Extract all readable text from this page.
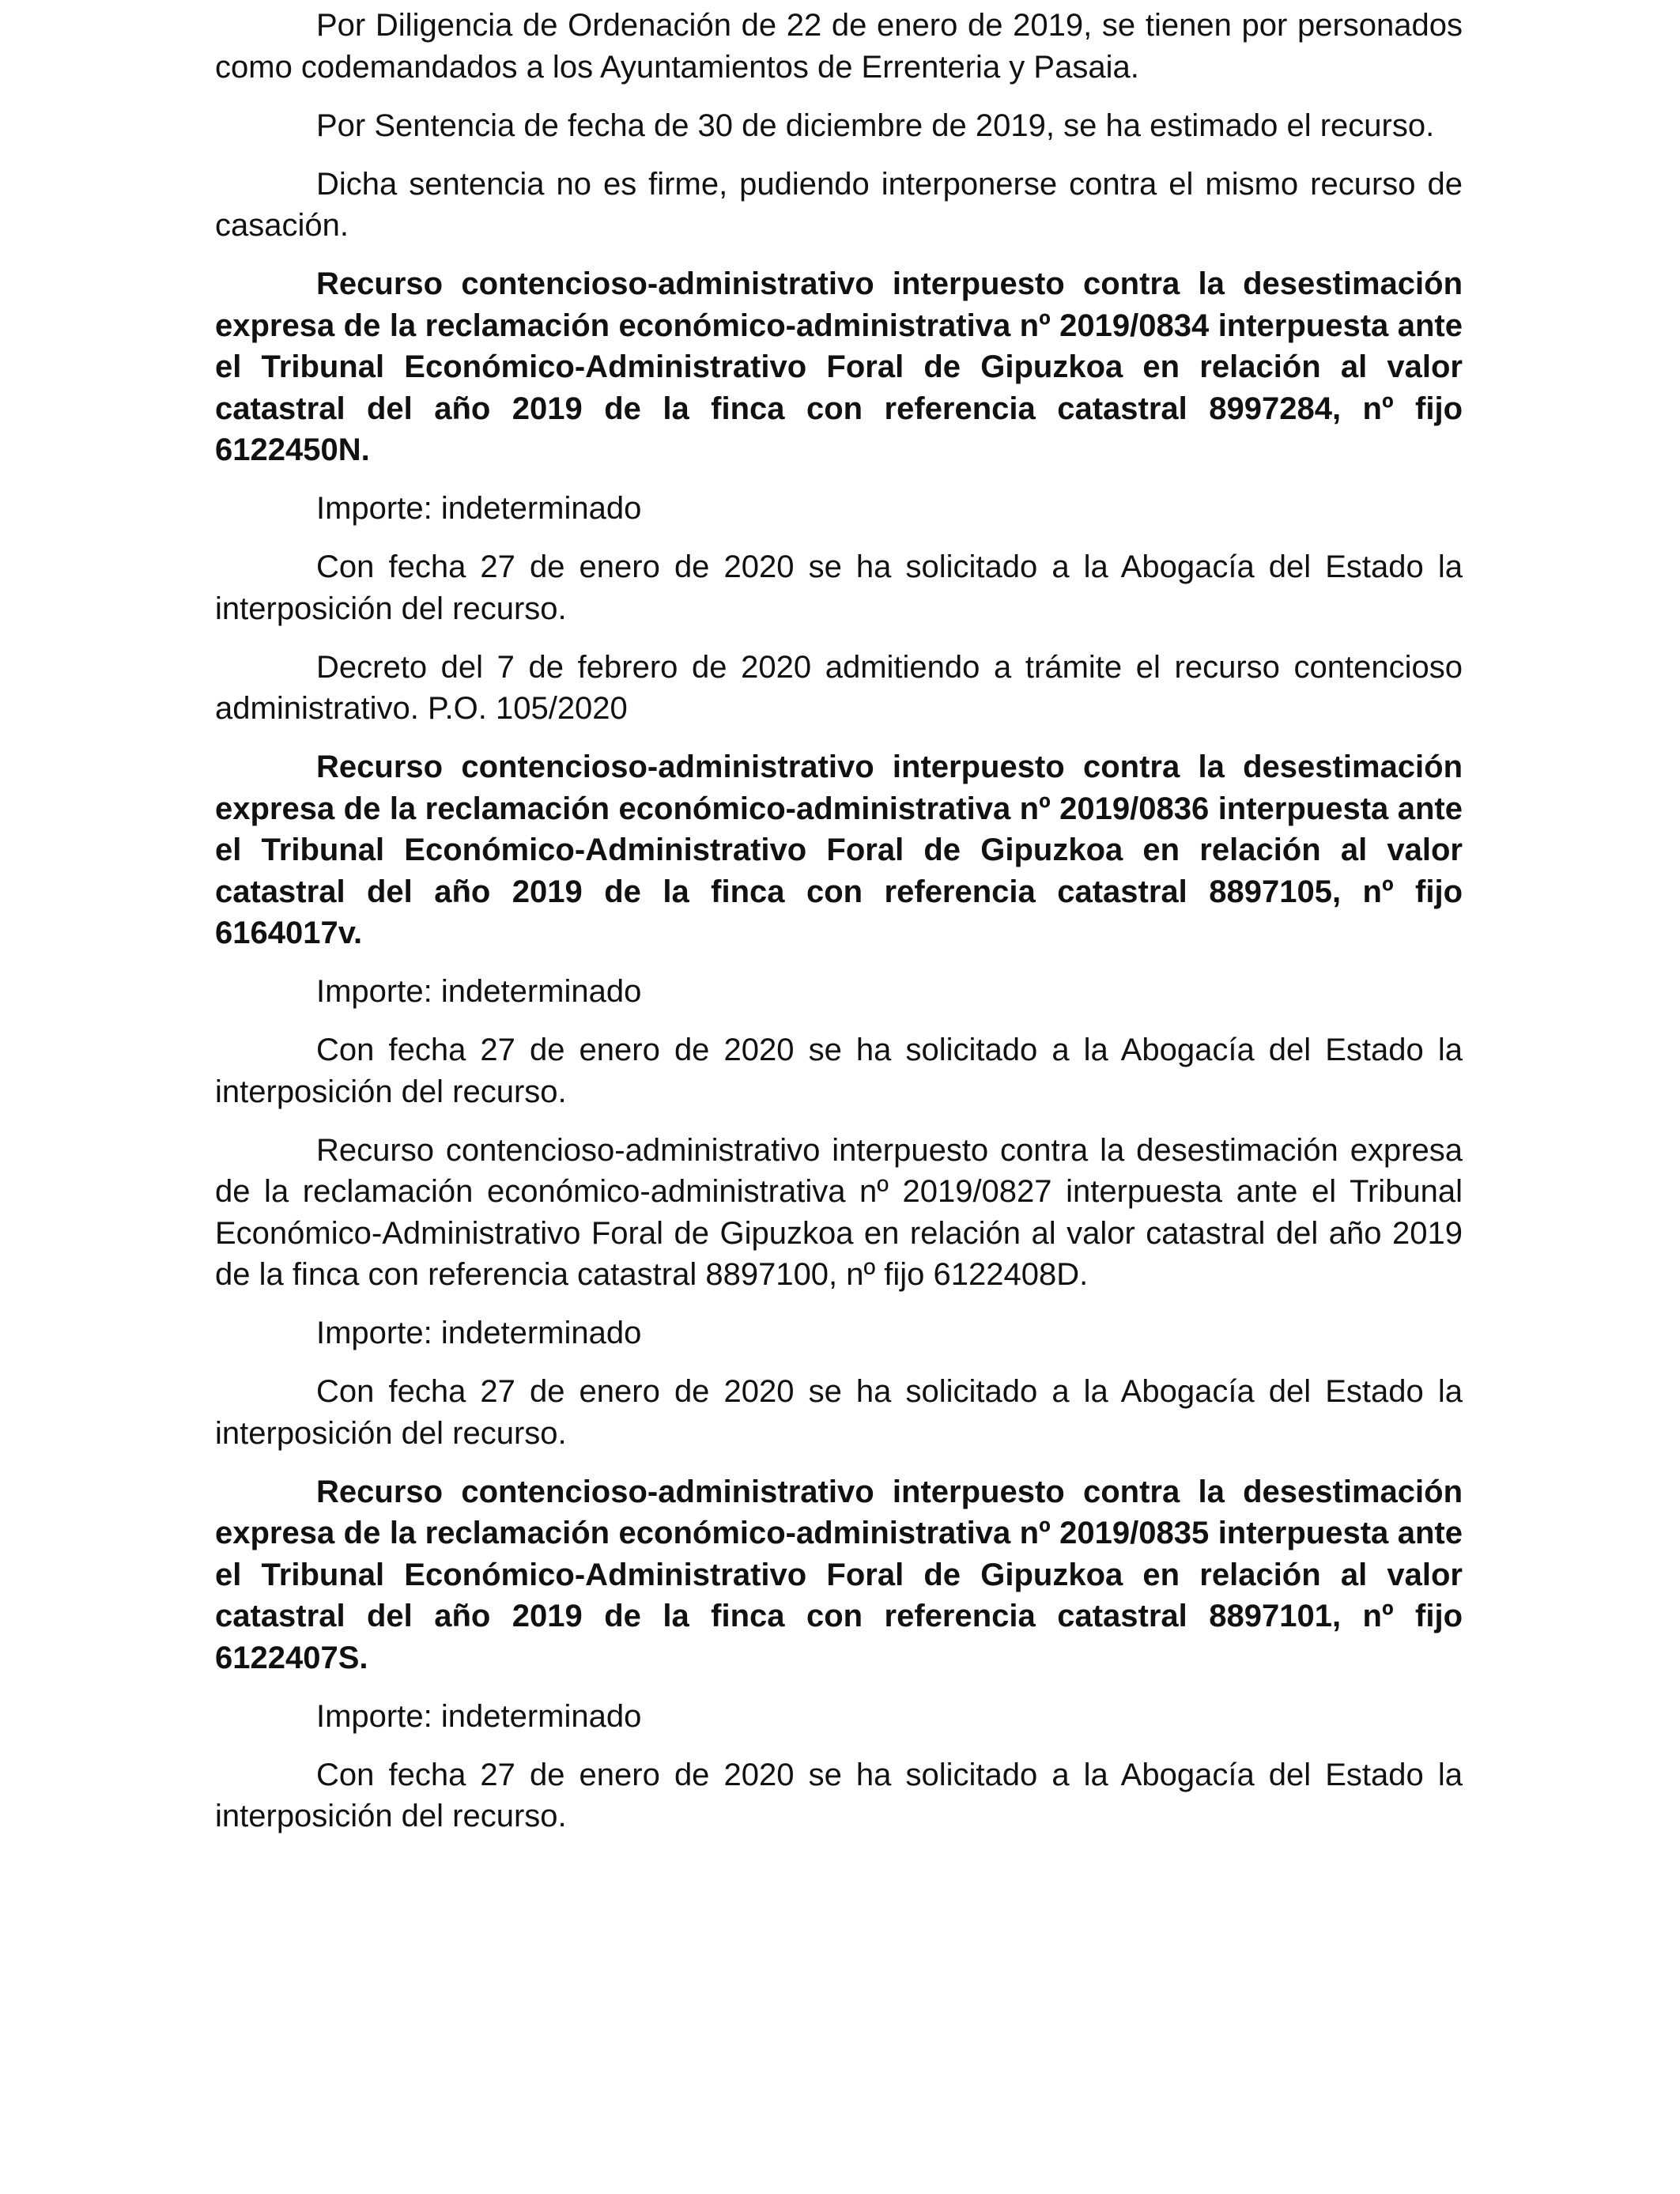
Por Diligencia de Ordenación de 22 de enero de 2019, se tienen por personados como codemandados a los Ayuntamientos de Errenteria y Pasaia.

Por Sentencia de fecha de 30 de diciembre de 2019, se ha estimado el recurso.

Dicha sentencia no es firme, pudiendo interponerse contra el mismo recurso de casación.

Recurso contencioso-administrativo interpuesto contra la desestimación expresa de la reclamación económico-administrativa nº 2019/0834 interpuesta ante el Tribunal Económico-Administrativo Foral de Gipuzkoa en relación al valor catastral del año 2019 de la finca con referencia catastral 8997284, nº fijo 6122450N.

Importe: indeterminado

Con fecha 27 de enero de 2020 se ha solicitado a la Abogacía del Estado la interposición del recurso.

Decreto del 7 de febrero de 2020 admitiendo a trámite el recurso contencioso administrativo. P.O. 105/2020

Recurso contencioso-administrativo interpuesto contra la desestimación expresa de la reclamación económico-administrativa nº 2019/0836 interpuesta ante el Tribunal Económico-Administrativo Foral de Gipuzkoa en relación al valor catastral del año 2019 de la finca con referencia catastral 8897105, nº fijo 6164017v.

Importe: indeterminado

Con fecha 27 de enero de 2020 se ha solicitado a la Abogacía del Estado la interposición del recurso.

Recurso contencioso-administrativo interpuesto contra la desestimación expresa de la reclamación económico-administrativa nº 2019/0827 interpuesta ante el Tribunal Económico-Administrativo Foral de Gipuzkoa en relación al valor catastral del año 2019 de la finca con referencia catastral 8897100, nº fijo 6122408D.

Importe: indeterminado

Con fecha 27 de enero de 2020 se ha solicitado a la Abogacía del Estado la interposición del recurso.

Recurso contencioso-administrativo interpuesto contra la desestimación expresa de la reclamación económico-administrativa nº 2019/0835 interpuesta ante el Tribunal Económico-Administrativo Foral de Gipuzkoa en relación al valor catastral del año 2019 de la finca con referencia catastral 8897101, nº fijo 6122407S.

Importe: indeterminado

Con fecha 27 de enero de 2020 se ha solicitado a la Abogacía del Estado la interposición del recurso.
